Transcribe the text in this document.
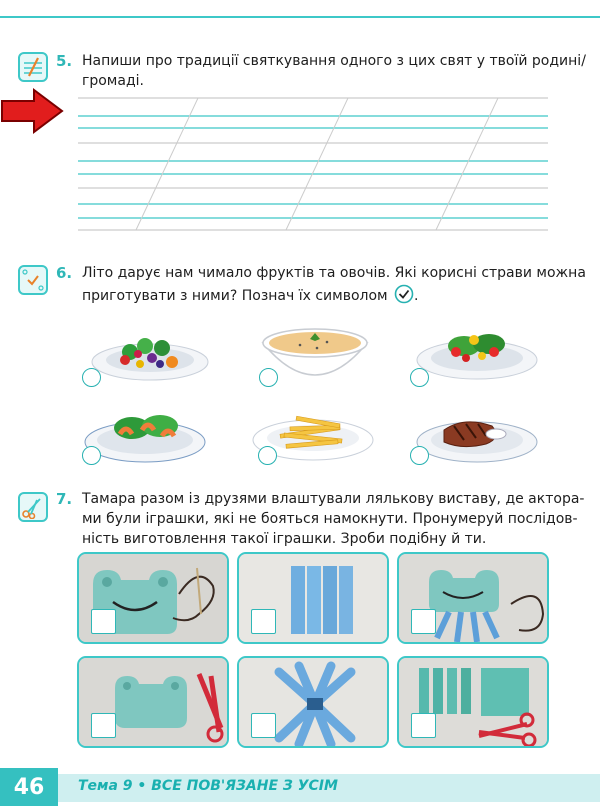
5. Напиши про традиції святкування одного з цих свят у твоїй родині/
громаді.
6. Літо дарує нам чимало фруктів та овочів. Які корисні страви можна
приготувати з ними? Познач їх символом .
7. Тамара разом із друзями влаштували лялькову виставу, де актора-
ми були іграшки, які не бояться намокнути. Пронумеруй послідов-
ність виготовлення такої іграшки. Зроби подібну й ти.
46	Тема 9 • ВСЕ ПОВ'ЯЗАНЕ З УСІМ
